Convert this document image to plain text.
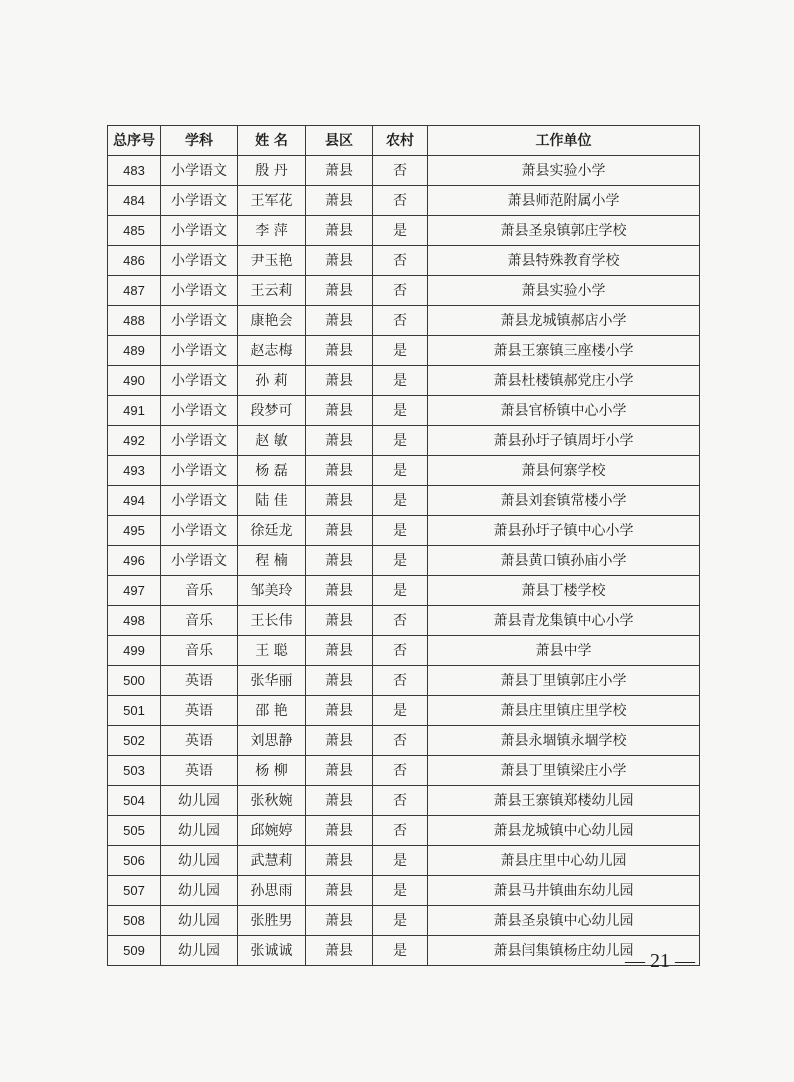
总序号	学科	姓 名	县区	农村	工作单位
483	小学语文	殷 丹	萧县	否	萧县实验小学
484	小学语文	王军花	萧县	否	萧县师范附属小学
485	小学语文	李 萍	萧县	是	萧县圣泉镇郭庄学校
486	小学语文	尹玉艳	萧县	否	萧县特殊教育学校
487	小学语文	王云莉	萧县	否	萧县实验小学
488	小学语文	康艳会	萧县	否	萧县龙城镇郝店小学
489	小学语文	赵志梅	萧县	是	萧县王寨镇三座楼小学
490	小学语文	孙 莉	萧县	是	萧县杜楼镇郝党庄小学
491	小学语文	段梦可	萧县	是	萧县官桥镇中心小学
492	小学语文	赵 敏	萧县	是	萧县孙圩子镇周圩小学
493	小学语文	杨 磊	萧县	是	萧县何寨学校
494	小学语文	陆 佳	萧县	是	萧县刘套镇常楼小学
495	小学语文	徐廷龙	萧县	是	萧县孙圩子镇中心小学
496	小学语文	程 楠	萧县	是	萧县黄口镇孙庙小学
497	音乐	邹美玲	萧县	是	萧县丁楼学校
498	音乐	王长伟	萧县	否	萧县青龙集镇中心小学
499	音乐	王 聪	萧县	否	萧县中学
500	英语	张华丽	萧县	否	萧县丁里镇郭庄小学
501	英语	邵 艳	萧县	是	萧县庄里镇庄里学校
502	英语	刘思静	萧县	否	萧县永堌镇永堌学校
503	英语	杨 柳	萧县	否	萧县丁里镇梁庄小学
504	幼儿园	张秋婉	萧县	否	萧县王寨镇郑楼幼儿园
505	幼儿园	邱婉婷	萧县	否	萧县龙城镇中心幼儿园
506	幼儿园	武慧莉	萧县	是	萧县庄里中心幼儿园
507	幼儿园	孙思雨	萧县	是	萧县马井镇曲东幼儿园
508	幼儿园	张胜男	萧县	是	萧县圣泉镇中心幼儿园
509	幼儿园	张诚诚	萧县	是	萧县闫集镇杨庄幼儿园
— 21 —
